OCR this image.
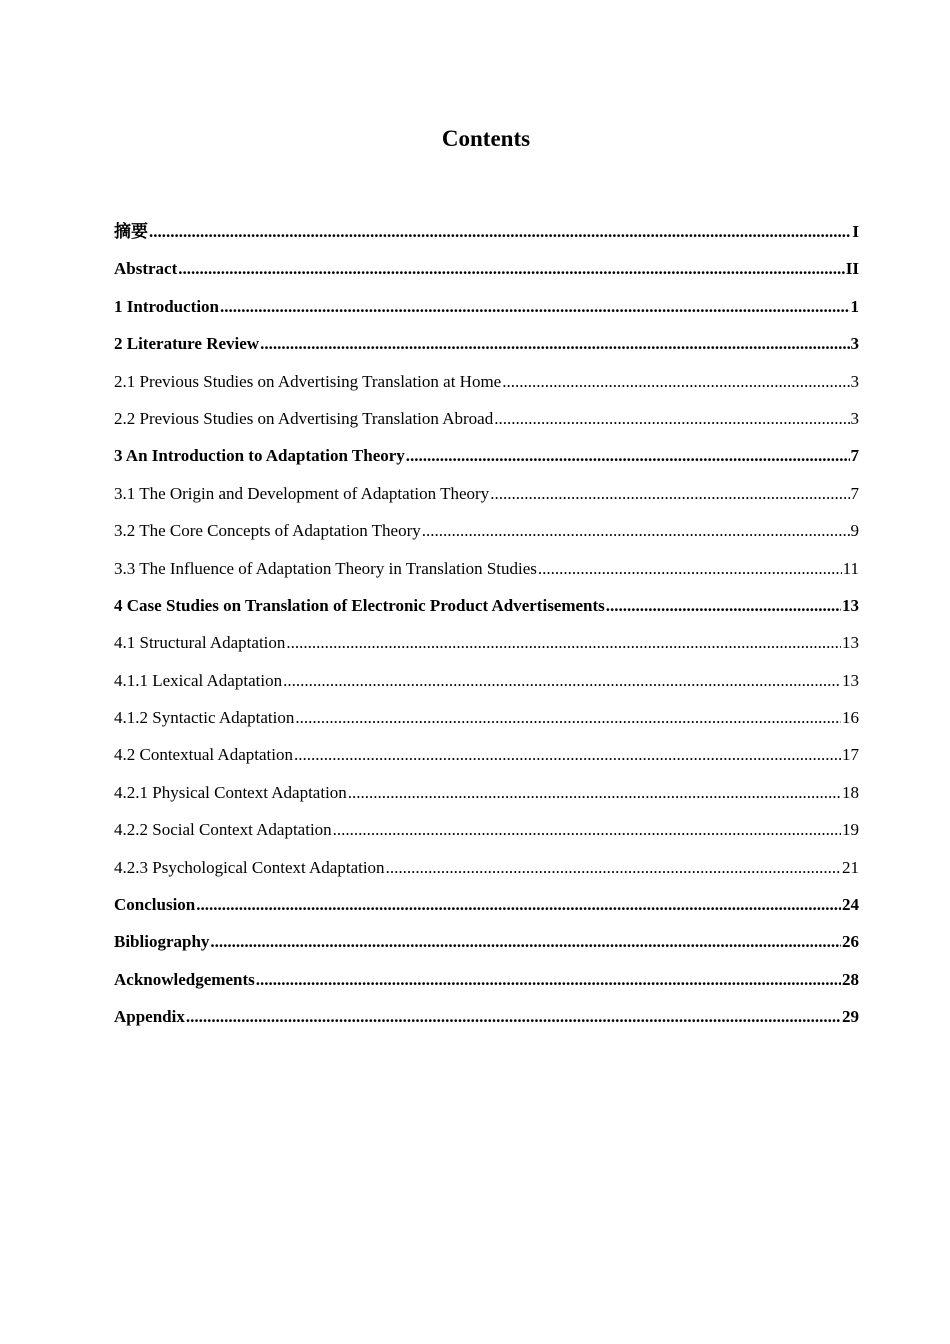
Contents
摘要 .....	I
Abstract .....	II
1 Introduction .....	1
2 Literature Review .....	3
2.1 Previous Studies on Advertising Translation at Home .....	3
2.2 Previous Studies on Advertising Translation Abroad .....	3
3 An Introduction to Adaptation Theory .....	7
3.1 The Origin and Development of Adaptation Theory .....	7
3.2 The Core Concepts of Adaptation Theory .....	9
3.3 The Influence of Adaptation Theory in Translation Studies .....	11
4 Case Studies on Translation of Electronic Product Advertisements .....	13
4.1 Structural Adaptation .....	13
4.1.1 Lexical Adaptation .....	13
4.1.2 Syntactic Adaptation .....	16
4.2 Contextual Adaptation .....	17
4.2.1 Physical Context Adaptation .....	18
4.2.2 Social Context Adaptation .....	19
4.2.3 Psychological Context Adaptation .....	21
Conclusion .....	24
Bibliography .....	26
Acknowledgements .....	28
Appendix .....	29
